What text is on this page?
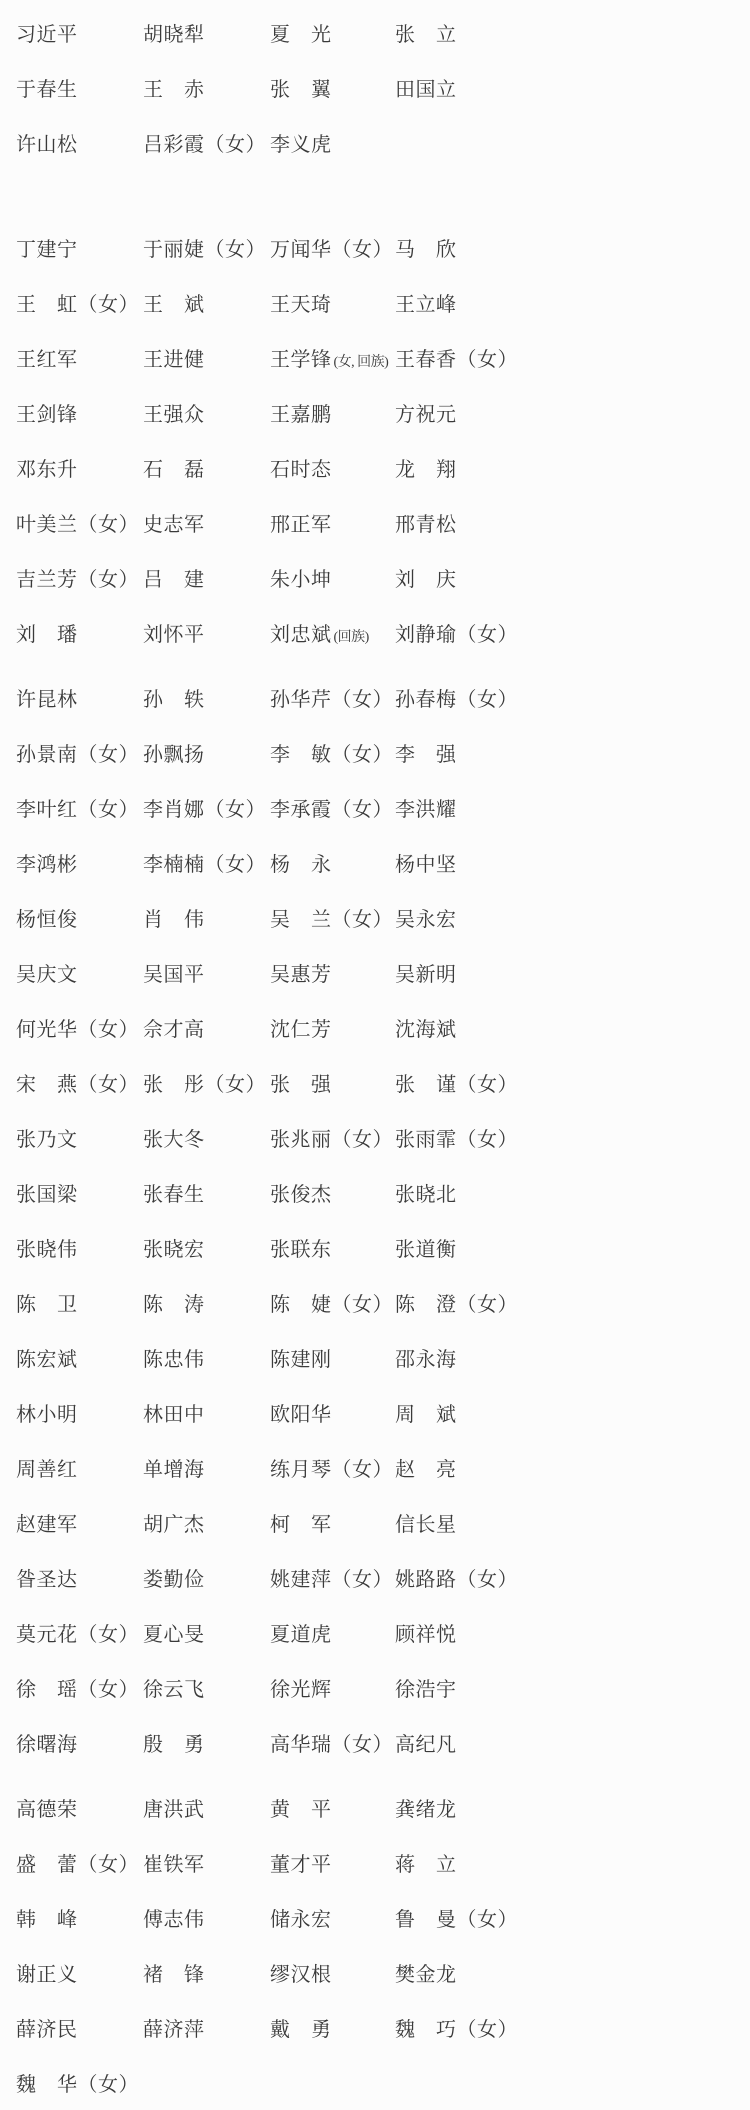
习近平	胡晓犁	夏　光	张　立
于春生	王　赤	张　翼	田国立
许山松	吕彩霞（女） 李义虎
丁建宁	于丽婕（女） 万闻华（女） 马　欣
王　虹（女） 王　斌	王天琦	王立峰
王红军	王进健	王学锋 (女, 回族) 王春香（女）
王剑锋	王强众	王嘉鹏	方祝元
邓东升	石　磊	石时态	龙　翔
叶美兰（女） 史志军	邢正军	邢青松
吉兰芳（女） 吕　建	朱小坤	刘　庆
刘　璠	刘怀平	刘忠斌 (回族)	刘静瑜（女）
许昆林	孙　轶	孙华芹（女） 孙春梅（女）
孙景南（女） 孙飘扬	李　敏（女） 李　强
李叶红（女） 李肖娜（女） 李承霞（女） 李洪耀
李鸿彬	李楠楠（女） 杨　永	杨中坚
杨恒俊	肖　伟	吴　兰（女） 吴永宏
吴庆文	吴国平	吴惠芳	吴新明
何光华（女） 佘才高	沈仁芳	沈海斌
宋　燕（女） 张　彤（女） 张　强	张　谨（女）
张乃文	张大冬	张兆丽（女） 张雨霏（女）
张国梁	张春生	张俊杰	张晓北
张晓伟	张晓宏	张联东	张道衡
陈　卫	陈　涛	陈　婕（女） 陈　澄（女）
陈宏斌	陈忠伟	陈建刚	邵永海
林小明	林田中	欧阳华	周　斌
周善红	单增海	练月琴（女） 赵　亮
赵建军	胡广杰	柯　军	信长星
昝圣达	娄勤俭	姚建萍（女） 姚路路（女）
莫元花（女） 夏心旻	夏道虎	顾祥悦
徐　瑶（女） 徐云飞	徐光辉	徐浩宇
徐曙海	殷　勇	高华瑞（女） 高纪凡
高德荣	唐洪武	黄　平	龚绪龙
盛　蕾（女） 崔铁军	董才平	蒋　立
韩　峰	傅志伟	储永宏	鲁　曼（女）
谢正义	褚　锋	缪汉根	樊金龙
薛济民	薛济萍	戴　勇	魏　巧（女）
魏　华（女）
